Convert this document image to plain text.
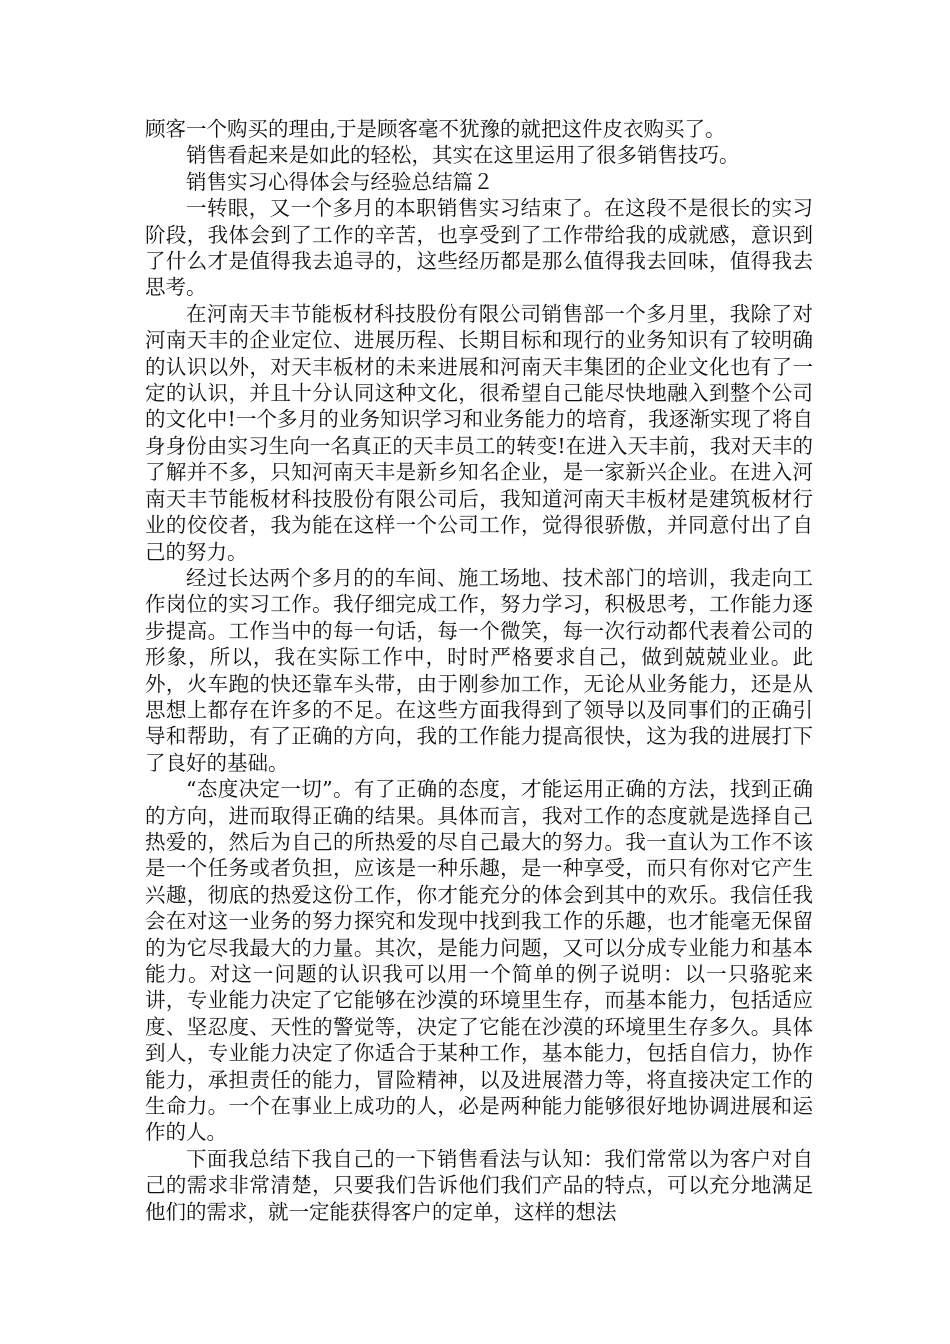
顾客一个购买的理由,于是顾客毫不犹豫的就把这件皮衣购买了。

销售看起来是如此的轻松，其实在这里运用了很多销售技巧。

销售实习心得体会与经验总结篇２

一转眼，又一个多月的本职销售实习结束了。在这段不是很长的实习阶段，我体会到了工作的辛苦，也享受到了工作带给我的成就感，意识到了什么才是值得我去追寻的，这些经历都是那么值得我去回味，值得我去思考。

在河南天丰节能板材科技股份有限公司销售部一个多月里，我除了对河南天丰的企业定位、进展历程、长期目标和现行的业务知识有了较明确的认识以外，对天丰板材的未来进展和河南天丰集团的企业文化也有了一定的认识，并且十分认同这种文化，很希望自己能尽快地融入到整个公司的文化中!一个多月的业务知识学习和业务能力的培育，我逐渐实现了将自身身份由实习生向一名真正的天丰员工的转变!在进入天丰前，我对天丰的了解并不多，只知河南天丰是新乡知名企业，是一家新兴企业。在进入河南天丰节能板材科技股份有限公司后，我知道河南天丰板材是建筑板材行业的佼佼者，我为能在这样一个公司工作，觉得很骄傲，并同意付出了自己的努力。

经过长达两个多月的的车间、施工场地、技术部门的培训，我走向工作岗位的实习工作。我仔细完成工作，努力学习，积极思考，工作能力逐步提高。工作当中的每一句话，每一个微笑，每一次行动都代表着公司的形象，所以，我在实际工作中，时时严格要求自己，做到兢兢业业。此外，火车跑的快还靠车头带，由于刚参加工作，无论从业务能力，还是从思想上都存在许多的不足。在这些方面我得到了领导以及同事们的正确引导和帮助，有了正确的方向，我的工作能力提高很快，这为我的进展打下了良好的基础。

“态度决定一切”。有了正确的态度，才能运用正确的方法，找到正确的方向，进而取得正确的结果。具体而言，我对工作的态度就是选择自己热爱的，然后为自己的所热爱的尽自己最大的努力。我一直认为工作不该是一个任务或者负担，应该是一种乐趣，是一种享受，而只有你对它产生兴趣，彻底的热爱这份工作，你才能充分的体会到其中的欢乐。我信任我会在对这一业务的努力探究和发现中找到我工作的乐趣，也才能毫无保留的为它尽我最大的力量。其次，是能力问题，又可以分成专业能力和基本能力。对这一问题的认识我可以用一个简单的例子说明：以一只骆驼来讲，专业能力决定了它能够在沙漠的环境里生存，而基本能力，包括适应度、坚忍度、天性的警觉等，决定了它能在沙漠的环境里生存多久。具体到人，专业能力决定了你适合于某种工作，基本能力，包括自信力，协作能力，承担责任的能力，冒险精神，以及进展潜力等，将直接决定工作的生命力。一个在事业上成功的人，必是两种能力能够很好地协调进展和运作的人。

下面我总结下我自己的一下销售看法与认知：我们常常以为客户对自己的需求非常清楚，只要我们告诉他们我们产品的特点，可以充分地满足他们的需求，就一定能获得客户的定单，这样的想法
